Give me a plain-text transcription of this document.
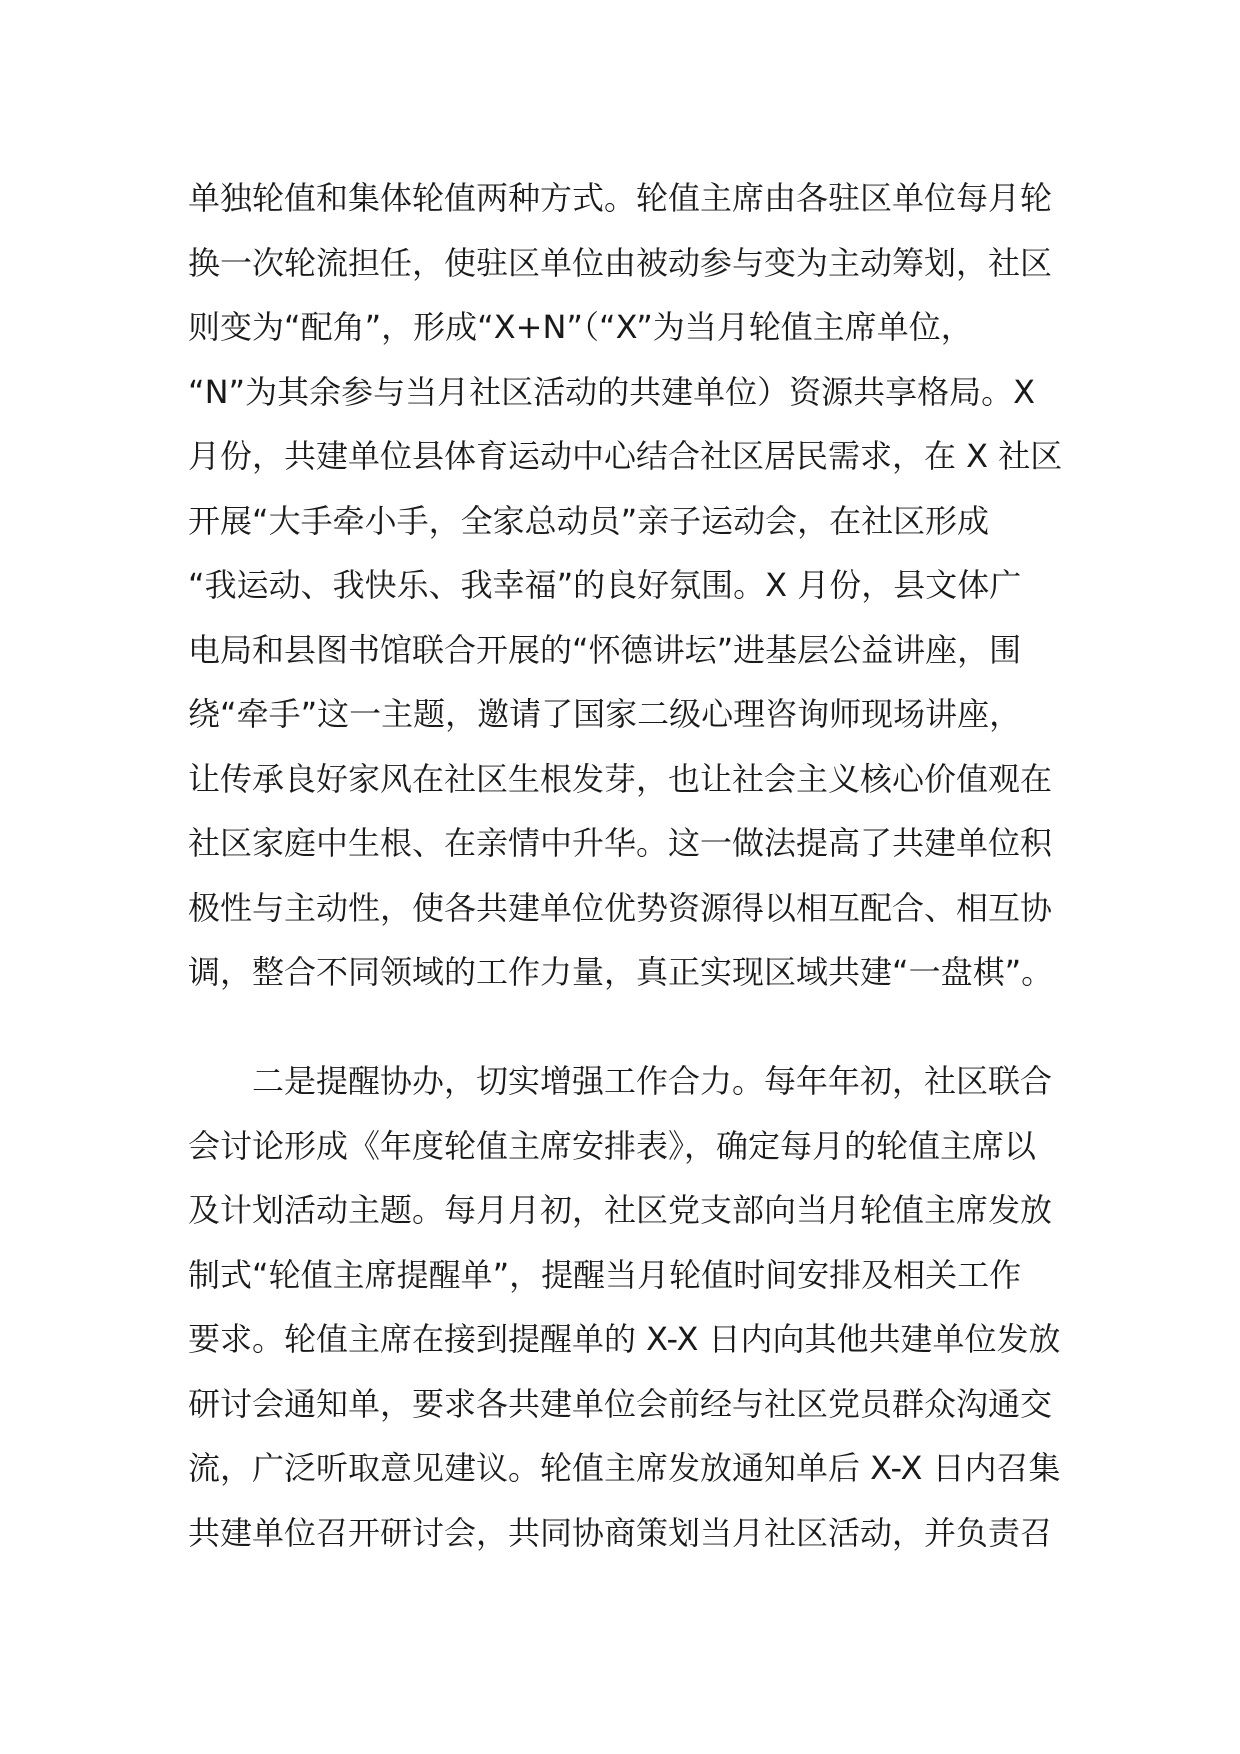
单独轮值和集体轮值两种方式。轮值主席由各驻区单位每月轮
换一次轮流担任，使驻区单位由被动参与变为主动筹划，社区
则变为“配角”，形成“X+N”（“X”为当月轮值主席单位，
“N”为其余参与当月社区活动的共建单位）资源共享格局。X
月份，共建单位县体育运动中心结合社区居民需求，在 X 社区
开展“大手牵小手，全家总动员”亲子运动会，在社区形成
“我运动、我快乐、我幸福”的良好氛围。X 月份，县文体广
电局和县图书馆联合开展的“怀德讲坛”进基层公益讲座，围
绕“牵手”这一主题，邀请了国家二级心理咨询师现场讲座，
让传承良好家风在社区生根发芽，也让社会主义核心价值观在
社区家庭中生根、在亲情中升华。这一做法提高了共建单位积
极性与主动性，使各共建单位优势资源得以相互配合、相互协
调，整合不同领域的工作力量，真正实现区域共建“一盘棋”。
　　二是提醒协办，切实增强工作合力。每年年初，社区联合
会讨论形成《年度轮值主席安排表》，确定每月的轮值主席以
及计划活动主题。每月月初，社区党支部向当月轮值主席发放
制式“轮值主席提醒单”，提醒当月轮值时间安排及相关工作
要求。轮值主席在接到提醒单的 X-X 日内向其他共建单位发放
研讨会通知单，要求各共建单位会前经与社区党员群众沟通交
流，广泛听取意见建议。轮值主席发放通知单后 X-X 日内召集
共建单位召开研讨会，共同协商策划当月社区活动，并负责召
